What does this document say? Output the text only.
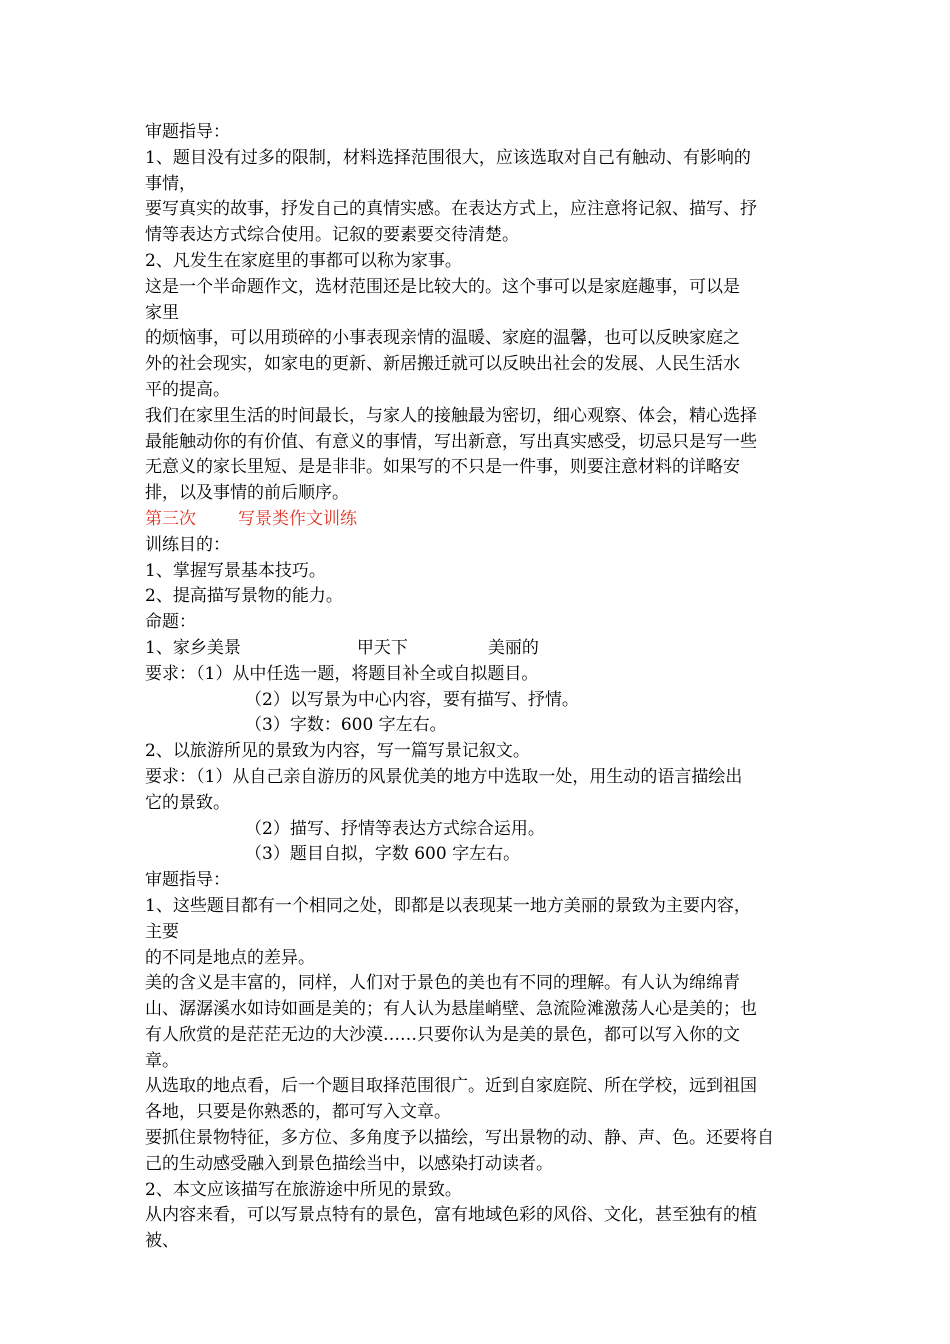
审题指导：
1、题目没有过多的限制，材料选择范围很大，应该选取对自己有触动、有影响的
事情，
要写真实的故事，抒发自己的真情实感。在表达方式上，应注意将记叙、描写、抒
情等表达方式综合使用。记叙的要素要交待清楚。
2、凡发生在家庭里的事都可以称为家事。
这是一个半命题作文，选材范围还是比较大的。这个事可以是家庭趣事，可以是
家里
的烦恼事，可以用琐碎的小事表现亲情的温暖、家庭的温馨，也可以反映家庭之
外的社会现实，如家电的更新、新居搬迁就可以反映出社会的发展、人民生活水
平的提高。
我们在家里生活的时间最长，与家人的接触最为密切，细心观察、体会，精心选择
最能触动你的有价值、有意义的事情，写出新意，写出真实感受，切忌只是写一些
无意义的家长里短、是是非非。如果写的不只是一件事，则要注意材料的详略安
排，以及事情的前后顺序。
第三次 写景类作文训练
训练目的：
1、掌握写景基本技巧。
2、提高描写景物的能力。
命题：
1、家乡美景	甲天下	美丽的
要求：（1）从中任选一题，将题目补全或自拟题目。
（2）以写景为中心内容，要有描写、抒情。
（3）字数：600 字左右。
2、以旅游所见的景致为内容，写一篇写景记叙文。
要求：（1）从自己亲自游历的风景优美的地方中选取一处，用生动的语言描绘出
它的景致。
（2）描写、抒情等表达方式综合运用。
（3）题目自拟，字数 600 字左右。
审题指导：
1、这些题目都有一个相同之处，即都是以表现某一地方美丽的景致为主要内容，
主要
的不同是地点的差异。
美的含义是丰富的，同样，人们对于景色的美也有不同的理解。有人认为绵绵青
山、潺潺溪水如诗如画是美的；有人认为悬崖峭壁、急流险滩激荡人心是美的；也
有人欣赏的是茫茫无边的大沙漠……只要你认为是美的景色，都可以写入你的文
章。
从选取的地点看，后一个题目取择范围很广。近到自家庭院、所在学校，远到祖国
各地，只要是你熟悉的，都可写入文章。
要抓住景物特征，多方位、多角度予以描绘，写出景物的动、静、声、色。还要将自
己的生动感受融入到景色描绘当中，以感染打动读者。
2、本文应该描写在旅游途中所见的景致。
从内容来看，可以写景点特有的景色，富有地域色彩的风俗、文化，甚至独有的植
被、
